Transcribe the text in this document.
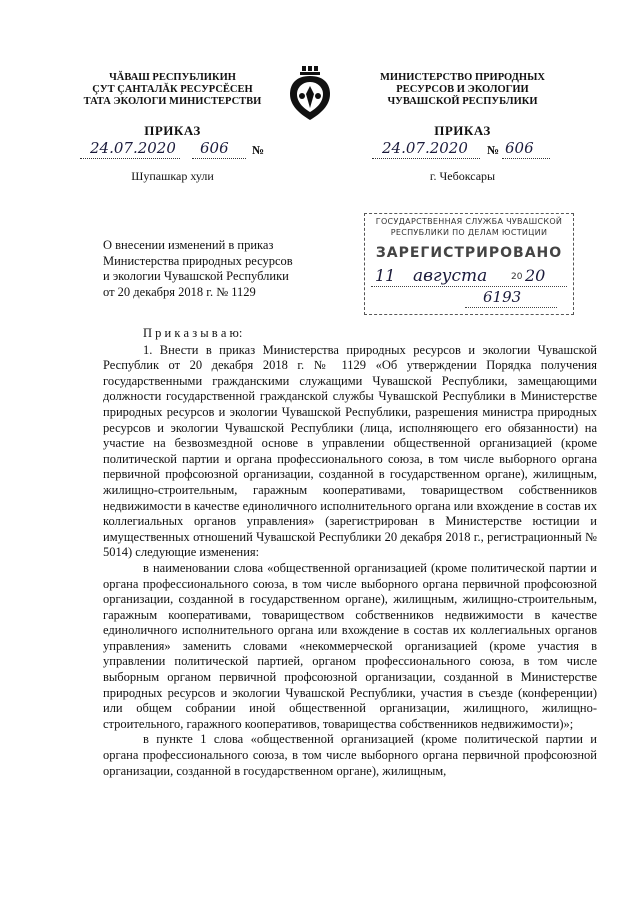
ЧĂВАШ РЕСПУБЛИКИН
ÇУТ ÇАНТАЛĂК РЕСУРСĔСЕН
ТАТА ЭКОЛОГИ МИНИСТЕРСТВИ
МИНИСТЕРСТВО ПРИРОДНЫХ
РЕСУРСОВ И ЭКОЛОГИИ
ЧУВАШСКОЙ РЕСПУБЛИКИ
ПРИКАЗ
24.07.2020 606 №
Шупашкар хули
ПРИКАЗ
24.07.2020 № 606
г. Чебоксары
О внесении изменений в приказ
Министерства природных ресурсов
и экологии Чувашской Республики
от 20 декабря 2018 г. № 1129
ГОСУДАРСТВЕННАЯ СЛУЖБА ЧУВАШСКОЙ
РЕСПУБЛИКИ ПО ДЕЛАМ ЮСТИЦИИ
ЗАРЕГИСТРИРОВАНО
11 августа	20 20
6193

П р и к а з ы в а ю:

1. Внести в приказ Министерства природных ресурсов и экологии Чувашской Республик от 20 декабря 2018 г. № 1129 «Об утверждении Порядка получения государственными гражданскими служащими Чувашской Республики, замещающими должности государственной гражданской службы Чувашской Республики в Министерстве природных ресурсов и экологии Чувашской Республики, разрешения министра природных ресурсов и экологии Чувашской Республики (лица, исполняющего его обязанности) на участие на безвозмездной основе в управлении общественной организацией (кроме политической партии и органа профессионального союза, в том числе выборного органа первичной профсоюзной организации, созданной в государственном органе), жилищным, жилищно-строительным, гаражным кооперативами, товариществом собственников недвижимости в качестве единоличного исполнительного органа или вхождение в состав их коллегиальных органов управления» (зарегистрирован в Министерстве юстиции и имущественных отношений Чувашской Республики 20 декабря 2018 г., регистрационный № 5014) следующие изменения:

в наименовании слова «общественной организацией (кроме политической партии и органа профессионального союза, в том числе выборного органа первичной профсоюзной организации, созданной в государственном органе), жилищным, жилищно-строительным, гаражным кооперативами, товариществом собственников недвижимости в качестве единоличного исполнительного органа или вхождение в состав их коллегиальных органов управления» заменить словами «некоммерческой организацией (кроме участия в управлении политической партией, органом профессионального союза, в том числе выборным органом первичной профсоюзной организации, созданной в Министерстве природных ресурсов и экологии Чувашской Республики, участия в съезде (конференции) или общем собрании иной общественной организации, жилищного, жилищно-строительного, гаражного кооперативов, товарищества собственников недвижимости)»;

в пункте 1 слова «общественной организацией (кроме политической партии и органа профессионального союза, в том числе выборного органа первичной профсоюзной организации, созданной в государственном органе), жилищным,
